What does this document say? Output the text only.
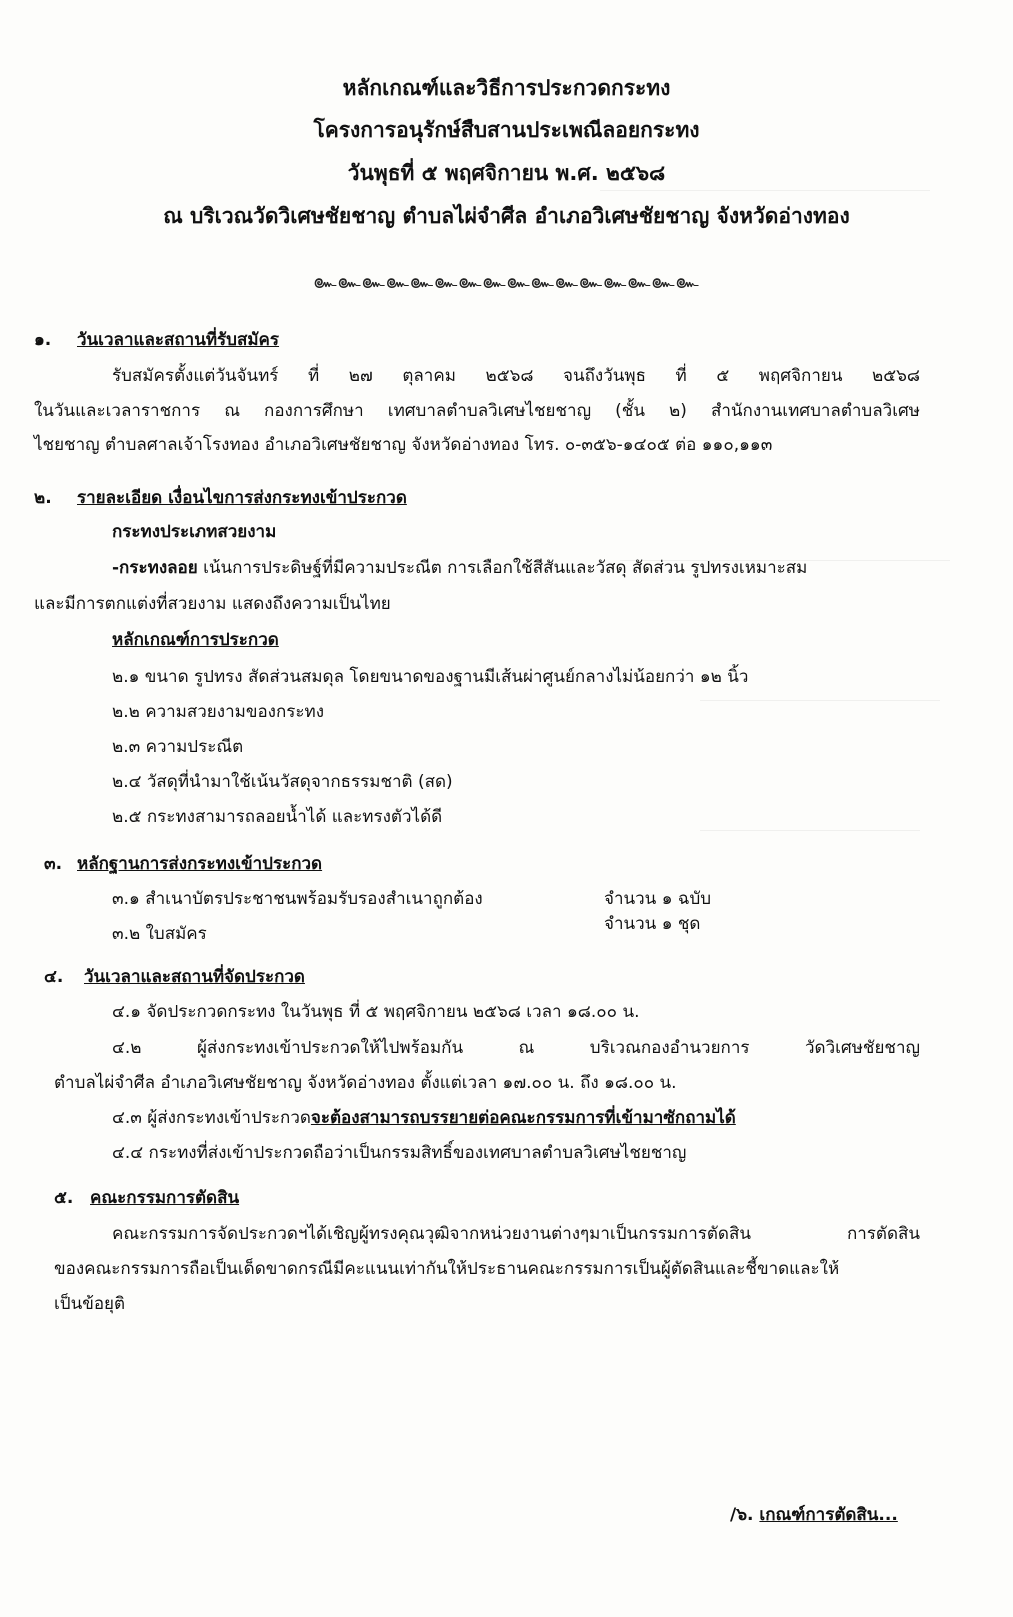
หลักเกณฑ์และวิธีการประกวดกระทง
โครงการอนุรักษ์สืบสานประเพณีลอยกระทง
วันพุธที่ ๕ พฤศจิกายน พ.ศ. ๒๕๖๘
ณ บริเวณวัดวิเศษชัยชาญ ตำบลไผ่จำศีล อำเภอวิเศษชัยชาญ จังหวัดอ่างทอง
๛๛๛๛๛๛๛๛๛๛๛๛๛๛๛๛
๑. วันเวลาและสถานที่รับสมัคร
รับสมัครตั้งแต่วันจันทร์ ที่ ๒๗ ตุลาคม ๒๕๖๘ จนถึงวันพุธ ที่ ๕ พฤศจิกายน ๒๕๖๘
ในวันและเวลาราชการ ณ กองการศึกษา เทศบาลตำบลวิเศษไชยชาญ (ชั้น ๒) สำนักงานเทศบาลตำบลวิเศษ
ไชยชาญ ตำบลศาลเจ้าโรงทอง อำเภอวิเศษชัยชาญ จังหวัดอ่างทอง โทร. ๐-๓๕๖-๑๔๐๕ ต่อ ๑๑๐,๑๑๓
๒. รายละเอียด เงื่อนไขการส่งกระทงเข้าประกวด
กระทงประเภทสวยงาม
-กระทงลอย เน้นการประดิษฐ์ที่มีความประณีต การเลือกใช้สีสันและวัสดุ สัดส่วน รูปทรงเหมาะสม
และมีการตกแต่งที่สวยงาม แสดงถึงความเป็นไทย
หลักเกณฑ์การประกวด
๒.๑ ขนาด รูปทรง สัดส่วนสมดุล โดยขนาดของฐานมีเส้นผ่าศูนย์กลางไม่น้อยกว่า ๑๒ นิ้ว
๒.๒ ความสวยงามของกระทง
๒.๓ ความประณีต
๒.๔ วัสดุที่นำมาใช้เน้นวัสดุจากธรรมชาติ (สด)
๒.๕ กระทงสามารถลอยน้ำได้ และทรงตัวได้ดี
๓. หลักฐานการส่งกระทงเข้าประกวด
๓.๑ สำเนาบัตรประชาชนพร้อมรับรองสำเนาถูกต้อง	จำนวน ๑ ฉบับ
๓.๒ ใบสมัคร	จำนวน ๑ ชุด
๔. วันเวลาและสถานที่จัดประกวด
๔.๑ จัดประกวดกระทง ในวันพุธ ที่ ๕ พฤศจิกายน ๒๕๖๘ เวลา ๑๘.๐๐ น.
๔.๒ ผู้ส่งกระทงเข้าประกวดให้ไปพร้อมกัน ณ บริเวณกองอำนวยการ วัดวิเศษชัยชาญ
ตำบลไผ่จำศีล อำเภอวิเศษชัยชาญ จังหวัดอ่างทอง ตั้งแต่เวลา ๑๗.๐๐ น. ถึง ๑๘.๐๐ น.
๔.๓ ผู้ส่งกระทงเข้าประกวดจะต้องสามารถบรรยายต่อคณะกรรมการที่เข้ามาซักถามได้
๔.๔ กระทงที่ส่งเข้าประกวดถือว่าเป็นกรรมสิทธิ์ของเทศบาลตำบลวิเศษไชยชาญ
๕. คณะกรรมการตัดสิน
คณะกรรมการจัดประกวดฯได้เชิญผู้ทรงคุณวุฒิจากหน่วยงานต่างๆมาเป็นกรรมการตัดสิน การตัดสิน
ของคณะกรรมการถือเป็นเด็ดขาดกรณีมีคะแนนเท่ากันให้ประธานคณะกรรมการเป็นผู้ตัดสินและชี้ขาดและให้
เป็นข้อยุติ
/๖. เกณฑ์การตัดสิน...
